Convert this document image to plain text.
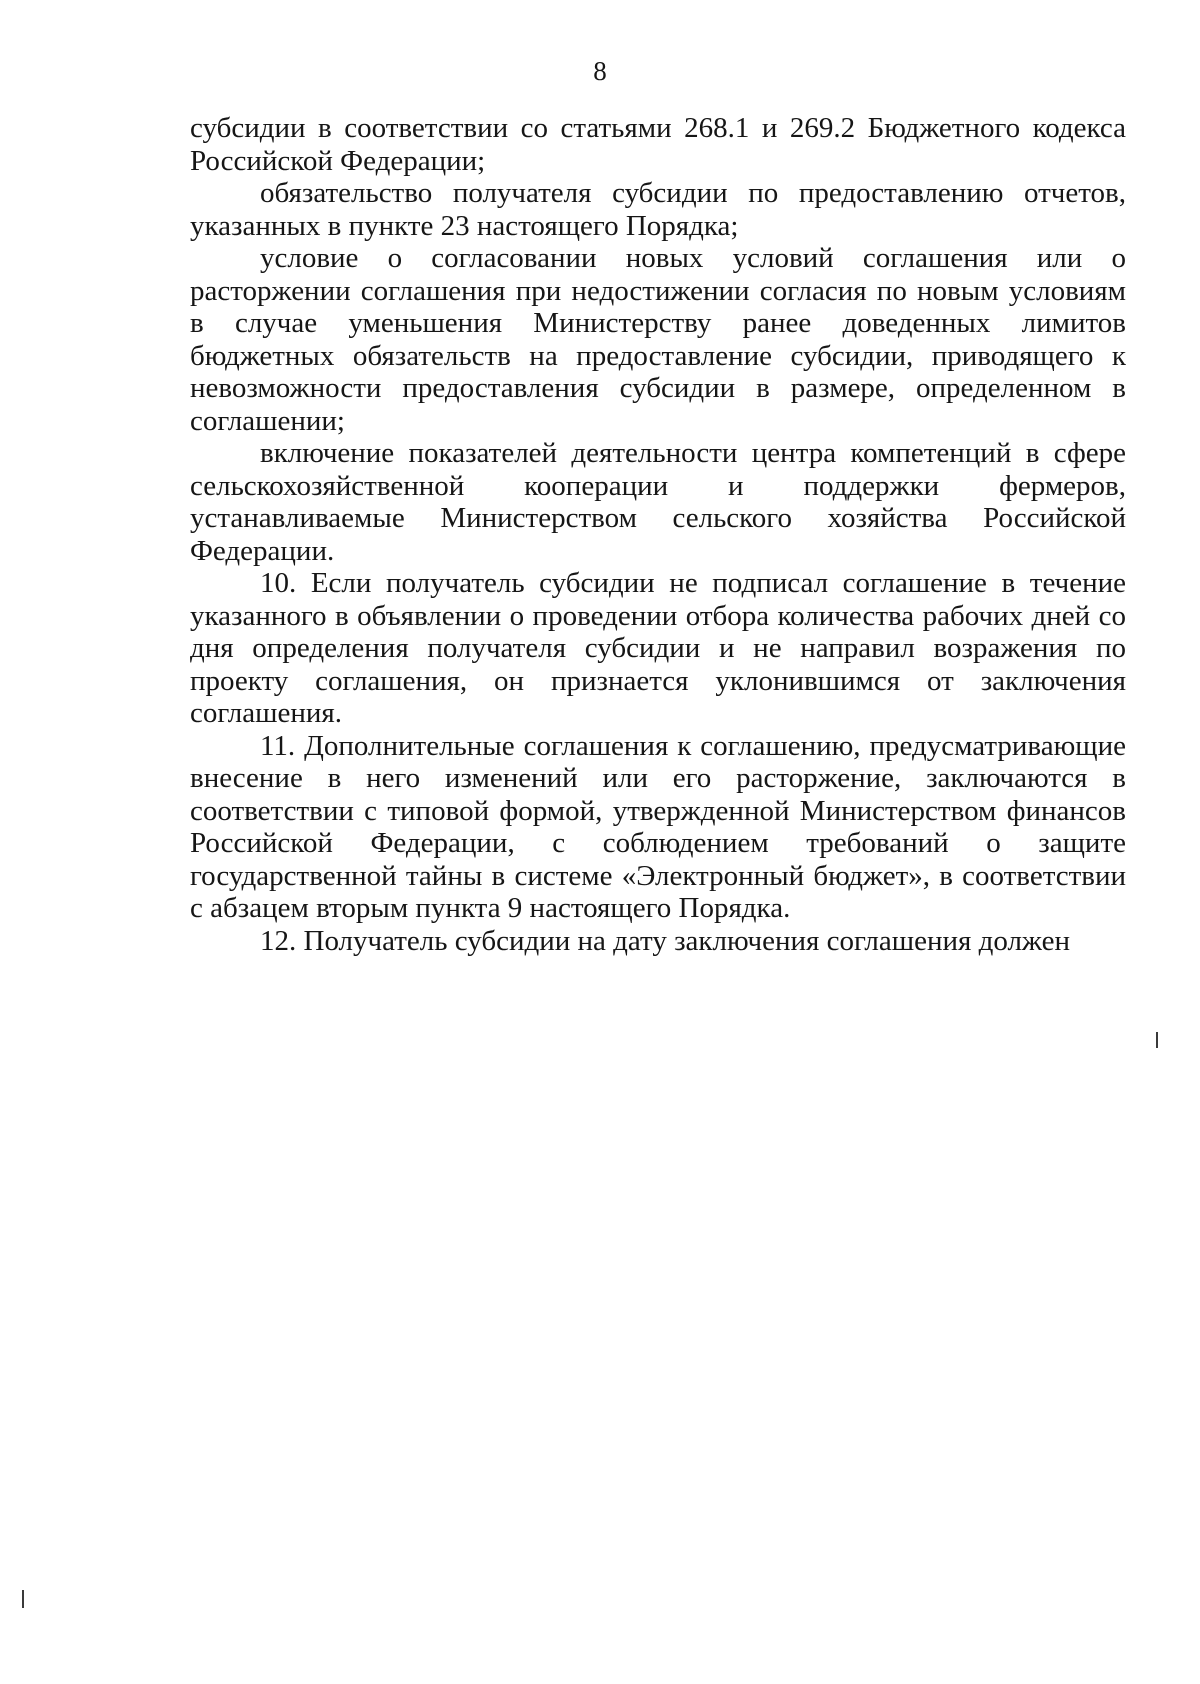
8

субсидии в соответствии со статьями 268.1 и 269.2 Бюджетного кодекса Российской Федерации;

обязательство получателя субсидии по предоставлению отчетов, указанных в пункте 23 настоящего Порядка;

условие о согласовании новых условий соглашения или о расторжении соглашения при недостижении согласия по новым условиям в случае уменьшения Министерству ранее доведенных лимитов бюджетных обязательств на предоставление субсидии, приводящего к невозможности предоставления субсидии в размере, определенном в соглашении;

включение показателей деятельности центра компетенций в сфере сельскохозяйственной кооперации и поддержки фермеров, устанавливаемые Министерством сельского хозяйства Российской Федерации.

10. Если получатель субсидии не подписал соглашение в течение указанного в объявлении о проведении отбора количества рабочих дней со дня определения получателя субсидии и не направил возражения по проекту соглашения, он признается уклонившимся от заключения соглашения.

11. Дополнительные соглашения к соглашению, предусматривающие внесение в него изменений или его расторжение, заключаются в соответствии с типовой формой, утвержденной Министерством финансов Российской Федерации, с соблюдением требований о защите государственной тайны в системе «Электронный бюджет», в соответствии с абзацем вторым пункта 9 настоящего Порядка.

12. Получатель субсидии на дату заключения соглашения должен
